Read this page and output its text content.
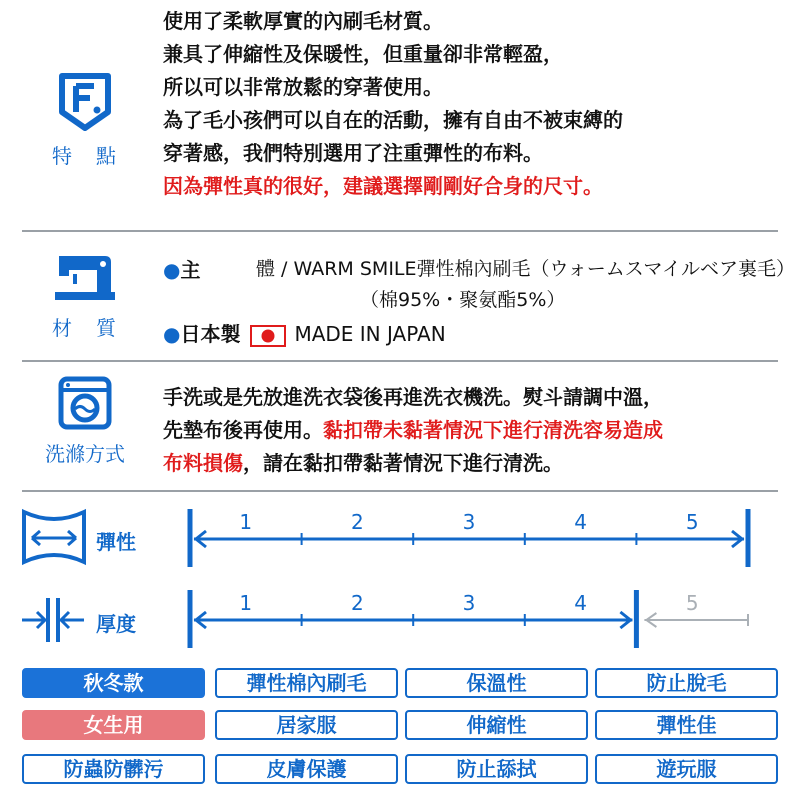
特　點
使用了柔軟厚實的內刷毛材質。
兼具了伸縮性及保暖性，但重量卻非常輕盈，
所以可以非常放鬆的穿著使用。
為了毛小孩們可以自在的活動，擁有自由不被束縛的
穿著感，我們特別選用了注重彈性的布料。
因為彈性真的很好，建議選擇剛剛好合身的尺寸。
材　質
●主	體 / WARM SMILE彈性棉內刷毛（ウォームスマイルベア裏毛）
（棉95%・聚氨酯5%）
●日本製	MADE IN JAPAN
洗滌方式
手洗或是先放進洗衣袋後再進洗衣機洗。熨斗請調中溫，
先墊布後再使用。黏扣帶未黏著情況下進行清洗容易造成
布料損傷，請在黏扣帶黏著情況下進行清洗。
彈性
1	2	3	4	5
厚度
1	2	3	4	5
秋冬款	彈性棉內刷毛	保溫性	防止脫毛
女生用	居家服	伸縮性	彈性佳
防蟲防髒污	皮膚保護	防止舔拭	遊玩服
